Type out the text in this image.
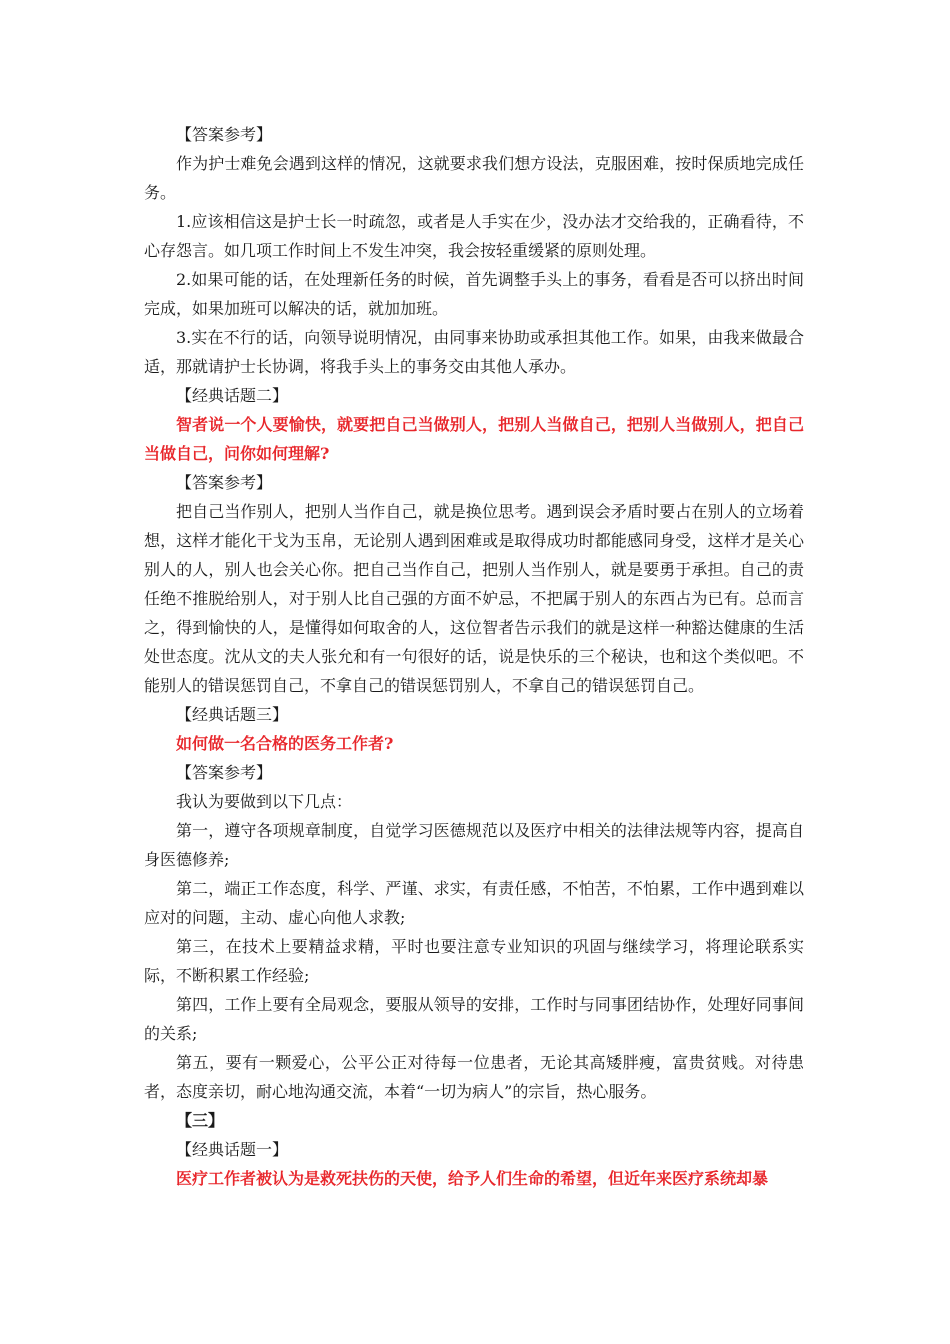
【答案参考】

作为护士难免会遇到这样的情况，这就要求我们想方设法，克服困难，按时保质地完成任务。

1.应该相信这是护士长一时疏忽，或者是人手实在少，没办法才交给我的，正确看待，不心存怨言。如几项工作时间上不发生冲突，我会按轻重缓紧的原则处理。

2.如果可能的话，在处理新任务的时候，首先调整手头上的事务，看看是否可以挤出时间完成，如果加班可以解决的话，就加加班。

3.实在不行的话，向领导说明情况，由同事来协助或承担其他工作。如果，由我来做最合适，那就请护士长协调，将我手头上的事务交由其他人承办。

【经典话题二】

智者说一个人要愉快，就要把自己当做别人，把别人当做自己，把别人当做别人，把自己当做自己，问你如何理解?

【答案参考】

把自己当作别人，把别人当作自己，就是换位思考。遇到误会矛盾时要占在别人的立场着想，这样才能化干戈为玉帛，无论别人遇到困难或是取得成功时都能感同身受，这样才是关心别人的人，别人也会关心你。把自己当作自己，把别人当作别人，就是要勇于承担。自己的责任绝不推脱给别人，对于别人比自己强的方面不妒忌，不把属于别人的东西占为已有。总而言之，得到愉快的人，是懂得如何取舍的人，这位智者告示我们的就是这样一种豁达健康的生活处世态度。沈从文的夫人张允和有一句很好的话，说是快乐的三个秘诀，也和这个类似吧。不能别人的错误惩罚自己，不拿自己的错误惩罚别人，不拿自己的错误惩罚自己。

【经典话题三】

如何做一名合格的医务工作者?

【答案参考】

我认为要做到以下几点：

第一，遵守各项规章制度，自觉学习医德规范以及医疗中相关的法律法规等内容，提高自身医德修养;

第二，端正工作态度，科学、严谨、求实，有责任感，不怕苦，不怕累，工作中遇到难以应对的问题，主动、虚心向他人求教;

第三，在技术上要精益求精，平时也要注意专业知识的巩固与继续学习，将理论联系实际，不断积累工作经验;

第四，工作上要有全局观念，要服从领导的安排，工作时与同事团结协作，处理好同事间的关系;

第五，要有一颗爱心，公平公正对待每一位患者，无论其高矮胖瘦，富贵贫贱。对待患者，态度亲切，耐心地沟通交流，本着“一切为病人”的宗旨，热心服务。

【三】

【经典话题一】

医疗工作者被认为是救死扶伤的天使，给予人们生命的希望，但近年来医疗系统却暴
